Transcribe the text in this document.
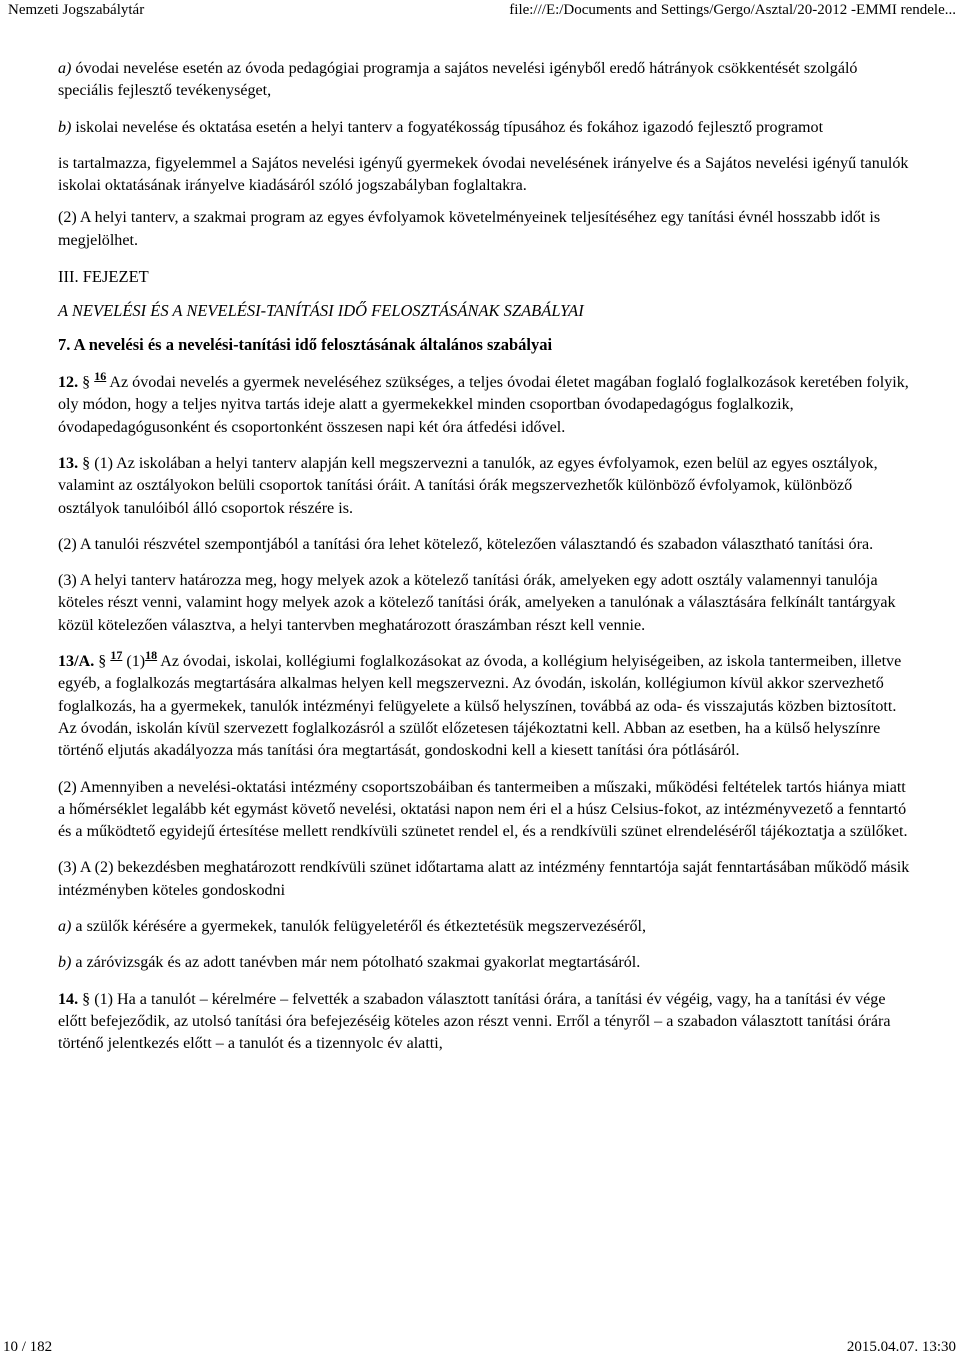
Nemzeti Jogszabálytár	file:///E:/Documents and Settings/Gergo/Asztal/20-2012 -EMMI rendele...

a) óvodai nevelése esetén az óvoda pedagógiai programja a sajátos nevelési igényből eredő hátrányok csökkentését szolgáló speciális fejlesztő tevékenységet,

b) iskolai nevelése és oktatása esetén a helyi tanterv a fogyatékosság típusához és fokához igazodó fejlesztő programot

is tartalmazza, figyelemmel a Sajátos nevelési igényű gyermekek óvodai nevelésének irányelve és a Sajátos nevelési igényű tanulók iskolai oktatásának irányelve kiadásáról szóló jogszabályban foglaltakra.

(2) A helyi tanterv, a szakmai program az egyes évfolyamok követelményeinek teljesítéséhez egy tanítási évnél hosszabb időt is megjelölhet.

III. FEJEZET
A NEVELÉSI ÉS A NEVELÉSI-TANÍTÁSI IDŐ FELOSZTÁSÁNAK SZABÁLYAI
7. A nevelési és a nevelési-tanítási idő felosztásának általános szabályai

12. § $^{16}$ Az óvodai nevelés a gyermek neveléséhez szükséges, a teljes óvodai életet magában foglaló foglalkozások keretében folyik, oly módon, hogy a teljes nyitva tartás ideje alatt a gyermekekkel minden csoportban óvodapedagógus foglalkozik, óvodapedagógusonként és csoportonként összesen napi két óra átfedési idővel.

13. § (1) Az iskolában a helyi tanterv alapján kell megszervezni a tanulók, az egyes évfolyamok, ezen belül az egyes osztályok, valamint az osztályokon belüli csoportok tanítási óráit. A tanítási órák megszervezhetők különböző évfolyamok, különböző osztályok tanulóiból álló csoportok részére is.

(2) A tanulói részvétel szempontjából a tanítási óra lehet kötelező, kötelezően választandó és szabadon választható tanítási óra.

(3) A helyi tanterv határozza meg, hogy melyek azok a kötelező tanítási órák, amelyeken egy adott osztály valamennyi tanulója köteles részt venni, valamint hogy melyek azok a kötelező tanítási órák, amelyeken a tanulónak a választására felkínált tantárgyak közül kötelezően választva, a helyi tantervben meghatározott óraszámban részt kell vennie.

13/A. § $^{17}$ (1)$^{18}$ Az óvodai, iskolai, kollégiumi foglalkozásokat az óvoda, a kollégium helyiségeiben, az iskola tantermeiben, illetve egyéb, a foglalkozás megtartására alkalmas helyen kell megszervezni. Az óvodán, iskolán, kollégiumon kívül akkor szervezhető foglalkozás, ha a gyermekek, tanulók intézményi felügyelete a külső helyszínen, továbbá az oda- és visszajutás közben biztosított. Az óvodán, iskolán kívül szervezett foglalkozásról a szülőt előzetesen tájékoztatni kell. Abban az esetben, ha a külső helyszínre történő eljutás akadályozza más tanítási óra megtartását, gondoskodni kell a kiesett tanítási óra pótlásáról.

(2) Amennyiben a nevelési-oktatási intézmény csoportszobáiban és tantermeiben a műszaki, működési feltételek tartós hiánya miatt a hőmérséklet legalább két egymást követő nevelési, oktatási napon nem éri el a húsz Celsius-fokot, az intézményvezető a fenntartó és a működtető egyidejű értesítése mellett rendkívüli szünetet rendel el, és a rendkívüli szünet elrendeléséről tájékoztatja a szülőket.

(3) A (2) bekezdésben meghatározott rendkívüli szünet időtartama alatt az intézmény fenntartója saját fenntartásában működő másik intézményben köteles gondoskodni

a) a szülők kérésére a gyermekek, tanulók felügyeletéről és étkeztetésük megszervezéséről,

b) a záróvizsgák és az adott tanévben már nem pótolható szakmai gyakorlat megtartásáról.

14. § (1) Ha a tanulót – kérelmére – felvették a szabadon választott tanítási órára, a tanítási év végéig, vagy, ha a tanítási év vége előtt befejeződik, az utolsó tanítási óra befejezéséig köteles azon részt venni. Erről a tényről – a szabadon választott tanítási órára történő jelentkezés előtt – a tanulót és a tizennyolc év alatti,

10 / 182	2015.04.07. 13:30
